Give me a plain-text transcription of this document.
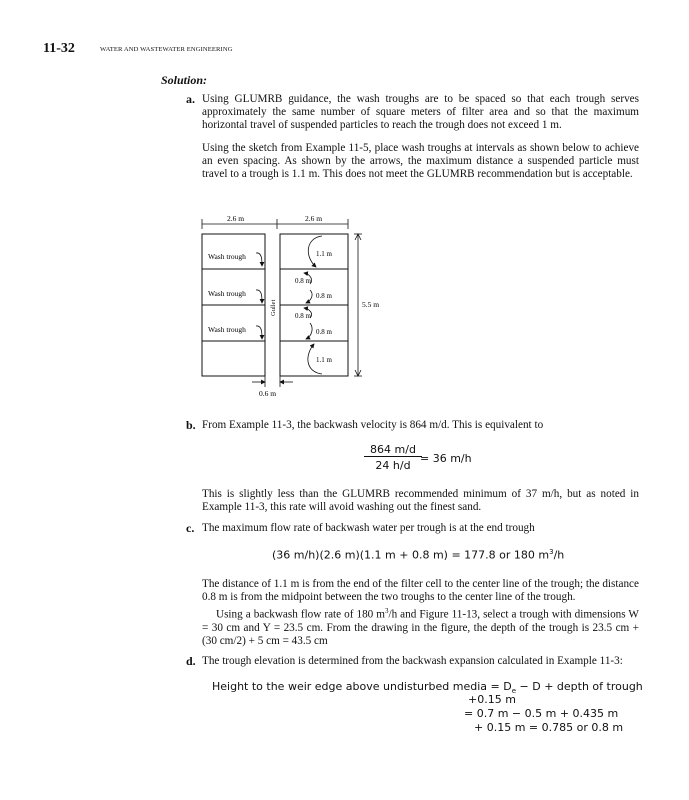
11-32	WATER AND WASTEWATER ENGINEERING
Solution:
a. Using GLUMRB guidance, the wash troughs are to be spaced so that each trough serves approximately the same number of square meters of filter area and so that the maximum horizontal travel of suspended particles to reach the trough does not exceed 1 m.
Using the sketch from Example 11-5, place wash troughs at intervals as shown below to achieve an even spacing. As shown by the arrows, the maximum distance a suspended particle must travel to a trough is 1.1 m. This does not meet the GLUMRB recommendation but is acceptable.
2.6 m	2.6 m
Gullet
Wash trough
Wash trough
Wash trough
1.1 m
0.8 m
0.8 m
0.8 m
0.8 m
1.1 m
5.5 m
0.6 m
b. From Example 11-3, the backwash velocity is 864 m/d. This is equivalent to
$\frac{864 m/d}{24 h/d}$
= 36 m/h
This is slightly less than the GLUMRB recommended minimum of 37 m/h, but as noted in Example 11-3, this rate will avoid washing out the finest sand.
c. The maximum flow rate of backwash water per trough is at the end trough
(36 m/h)(2.6 m)(1.1 m + 0.8 m) = 177.8 or 180 $m^3/h$
The distance of 1.1 m is from the end of the filter cell to the center line of the trough; the distance 0.8 m is from the midpoint between the two troughs to the center line of the trough.
Using a backwash flow rate of 180 $m^3/h$ and Figure 11-13, select a trough with dimensions W = 30 cm and Y = 23.5 cm. From the drawing in the figure, the depth of the trough is 23.5 cm + (30 cm/2) + 5 cm = 43.5 cm
d. The trough elevation is determined from the backwash expansion calculated in Example 11-3:
Height to the weir edge above undisturbed media = $D_e - D$ + depth of trough
+0.15 m
= 0.7 m − 0.5 m + 0.435 m
+ 0.15 m = 0.785 or 0.8 m
